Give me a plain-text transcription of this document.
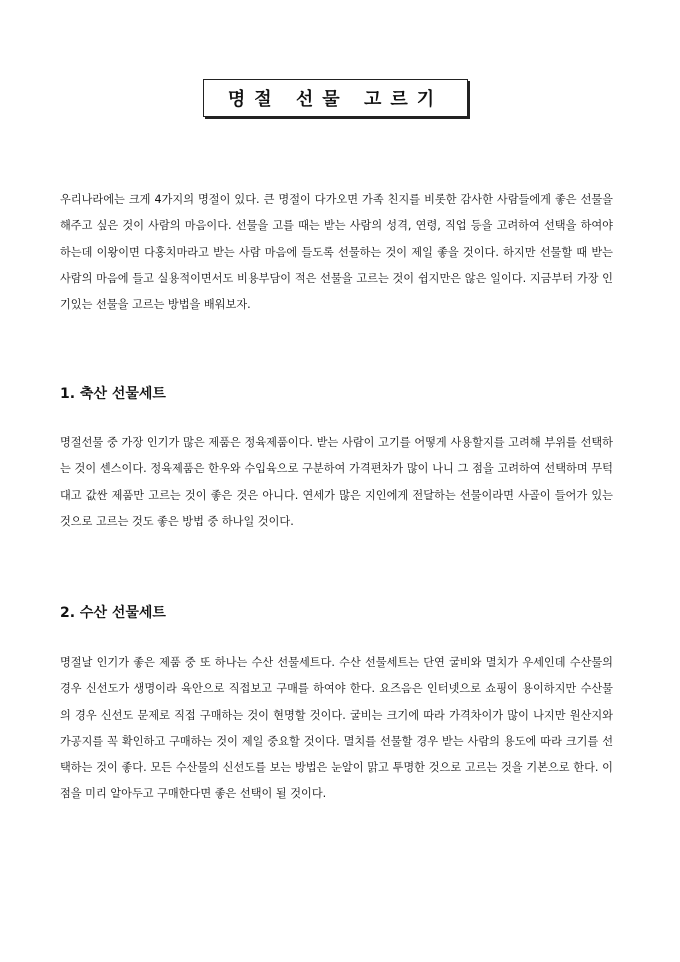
명절 선물 고르기

우리나라에는 크게 4가지의 명절이 있다. 큰 명절이 다가오면 가족 친지를 비롯한 감사한 사람들에게 좋은 선물을 해주고 싶은 것이 사람의 마음이다. 선물을 고를 때는 받는 사람의 성격, 연령, 직업 등을 고려하여 선택을 하여야 하는데 이왕이면 다홍치마라고 받는 사람 마음에 들도록 선물하는 것이 제일 좋을 것이다. 하지만 선물할 때 받는 사람의 마음에 들고 실용적이면서도 비용부담이 적은 선물을 고르는 것이 쉽지만은 않은 일이다. 지금부터 가장 인기있는 선물을 고르는 방법을 배워보자.

1. 축산 선물세트

명절선물 중 가장 인기가 많은 제품은 정육제품이다. 받는 사람이 고기를 어떻게 사용할지를 고려해 부위를 선택하는 것이 센스이다. 정육제품은 한우와 수입육으로 구분하여 가격편차가 많이 나니 그 점을 고려하여 선택하며 무턱대고 값싼 제품만 고르는 것이 좋은 것은 아니다. 연세가 많은 지인에게 전달하는 선물이라면 사골이 들어가 있는 것으로 고르는 것도 좋은 방법 중 하나일 것이다.

2. 수산 선물세트

명절날 인기가 좋은 제품 중 또 하나는 수산 선물세트다. 수산 선물세트는 단연 굴비와 멸치가 우세인데 수산물의 경우 신선도가 생명이라 육안으로 직접보고 구매를 하여야 한다. 요즈음은 인터넷으로 쇼핑이 용이하지만 수산물의 경우 신선도 문제로 직접 구매하는 것이 현명할 것이다. 굴비는 크기에 따라 가격차이가 많이 나지만 원산지와 가공지를 꼭 확인하고 구매하는 것이 제일 중요할 것이다. 멸치를 선물할 경우 받는 사람의 용도에 따라 크기를 선택하는 것이 좋다. 모든 수산물의 신선도를 보는 방법은 눈알이 맑고 투명한 것으로 고르는 것을 기본으로 한다. 이점을 미리 알아두고 구매한다면 좋은 선택이 될 것이다.
